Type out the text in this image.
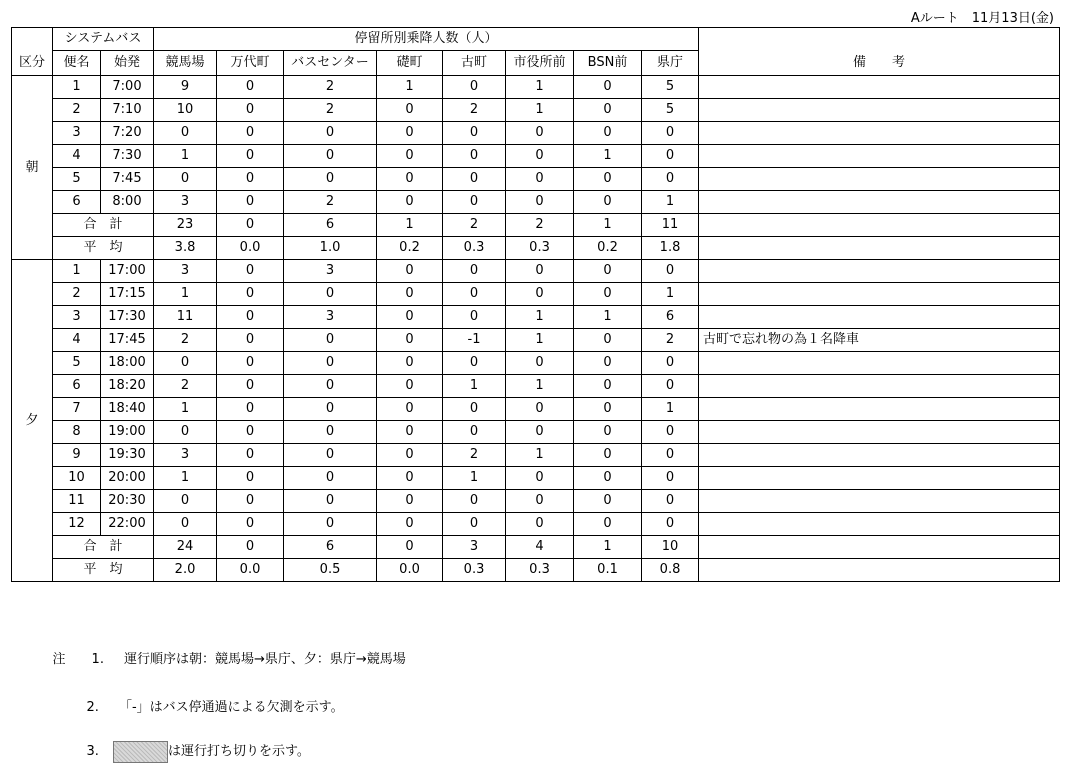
Aルート　11月13日(金)
	システムバス		停留所別乗降人数（人）								
区分	便名	始発	競馬場	万代町	バスセンター	礎町	古町	市役所前	BSN前	県庁	備　　考
朝	1	7:00	9	0	2	1	0	1	0	5	
	2	7:10	10	0	2	0	2	1	0	5	
	3	7:20	0	0	0	0	0	0	0	0	
	4	7:30	1	0	0	0	0	0	1	0	
	5	7:45	0	0	0	0	0	0	0	0	
	6	8:00	3	0	2	0	0	0	0	1	
	合　計		23	0	6	1	2	2	1	11	
	平　均		3.8	0.0	1.0	0.2	0.3	0.3	0.2	1.8	
夕	1	17:00	3	0	3	0	0	0	0	0	
	2	17:15	1	0	0	0	0	0	0	1	
	3	17:30	11	0	3	0	0	1	1	6	
	4	17:45	2	0	0	0	-1	1	0	2	古町で忘れ物の為１名降車
	5	18:00	0	0	0	0	0	0	0	0	
	6	18:20	2	0	0	0	1	1	0	0	
	7	18:40	1	0	0	0	0	0	0	1	
	8	19:00	0	0	0	0	0	0	0	0	
	9	19:30	3	0	0	0	2	1	0	0	
	10	20:00	1	0	0	0	1	0	0	0	
	11	20:30	0	0	0	0	0	0	0	0	
	12	22:00	0	0	0	0	0	0	0	0	
	合　計		24	0	6	0	3	4	1	10	
	平　均		2.0	0.0	0.5	0.0	0.3	0.3	0.1	0.8	

注 1. 運行順序は朝：競馬場→県庁、夕：県庁→競馬場

2. 「-」はバス停通過による欠測を示す。

3.	は運行打ち切りを示す。
